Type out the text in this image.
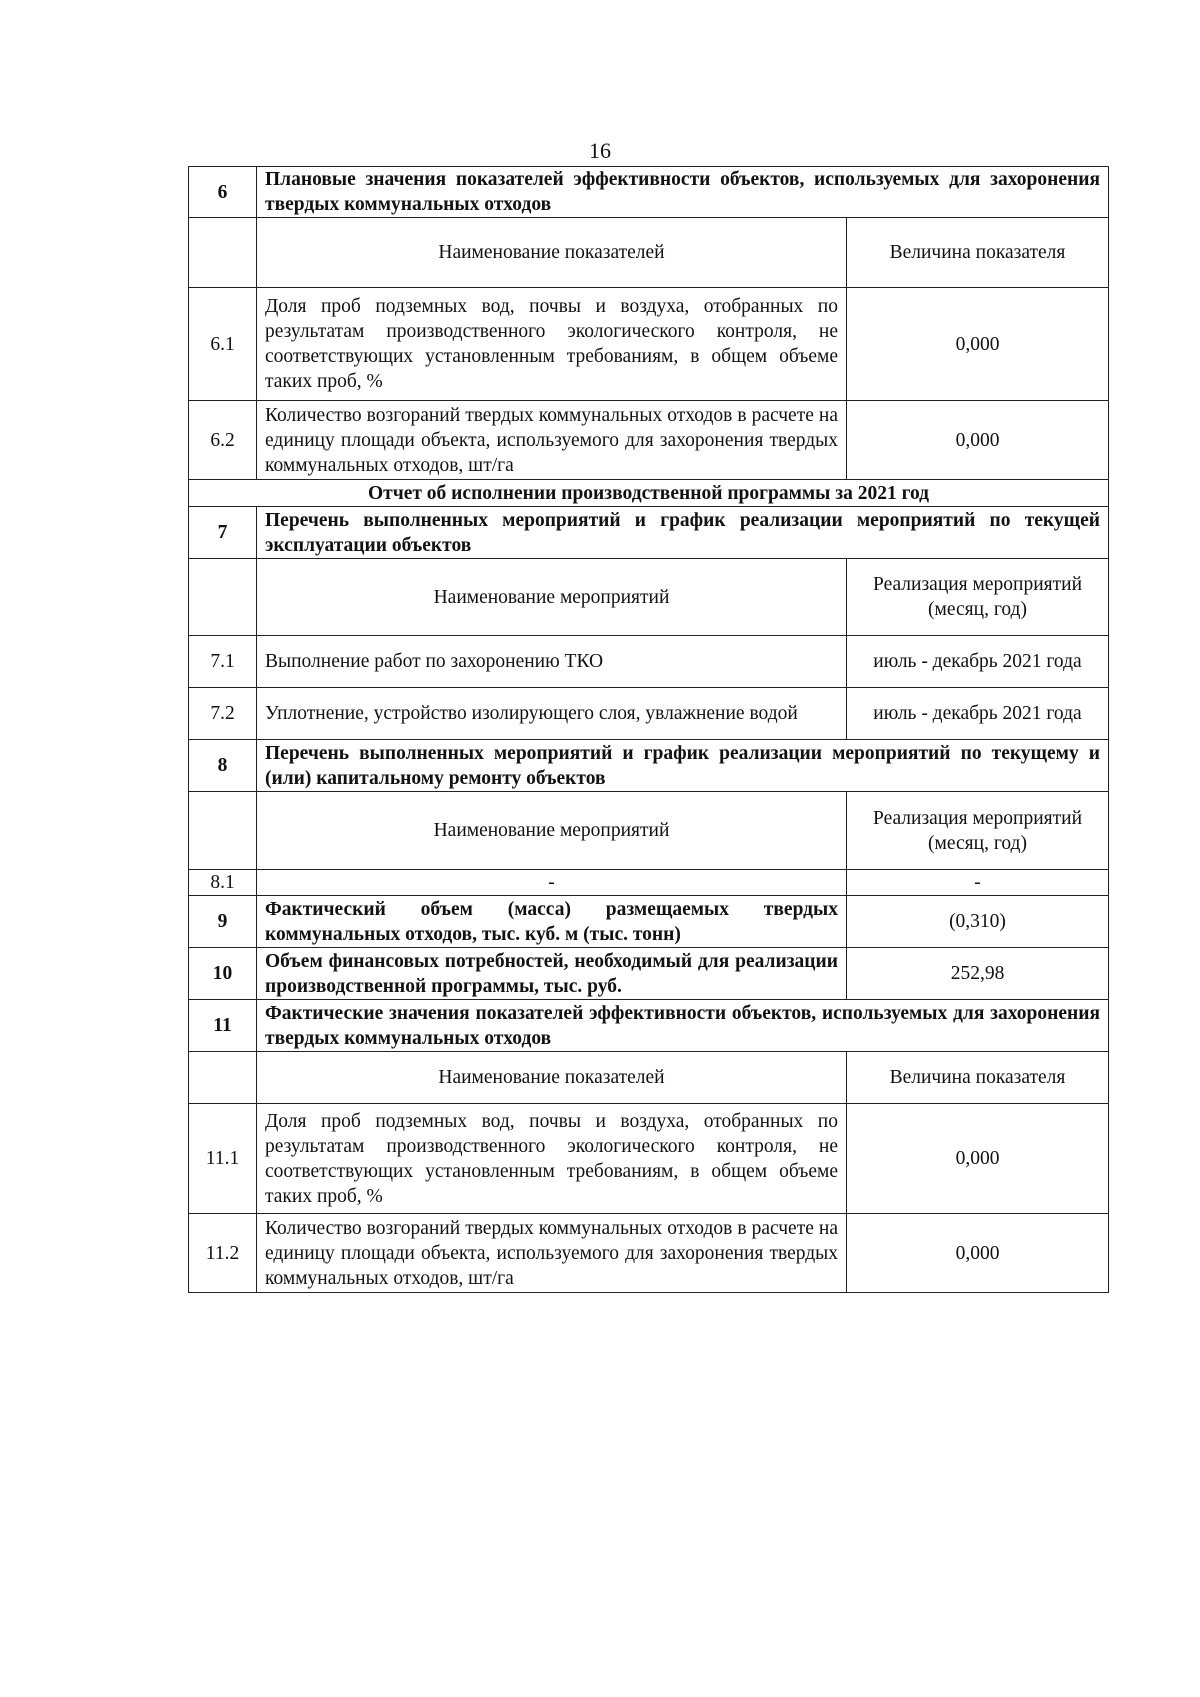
16
6	Плановые значения показателей эффективности объектов, используемых для захоронения твердых коммунальных отходов	
	Наименование показателей	Величина показателя
6.1	Доля проб подземных вод, почвы и воздуха, отобранных по результатам производственного экологического контроля, не соответствующих установленным требованиям, в общем объеме таких проб, %	0,000
6.2	Количество возгораний твердых коммунальных отходов в расчете на единицу площади объекта, используемого для захоронения твердых коммунальных отходов, шт/га	0,000
Отчет об исполнении производственной программы за 2021 год		
7	Перечень выполненных мероприятий и график реализации мероприятий по текущей эксплуатации объектов	
	Наименование мероприятий	Реализация мероприятий (месяц, год)
7.1	Выполнение работ по захоронению ТКО	июль - декабрь 2021 года
7.2	Уплотнение, устройство изолирующего слоя, увлажнение водой	июль - декабрь 2021 года
8	Перечень выполненных мероприятий и график реализации мероприятий по текущему и (или) капитальному ремонту объектов	
	Наименование мероприятий	Реализация мероприятий (месяц, год)
8.1	-	-
9	Фактический объем (масса) размещаемых твердых коммунальных отходов, тыс. куб. м (тыс. тонн)	(0,310)
10	Объем финансовых потребностей, необходимый для реализации производственной программы, тыс. руб.	252,98
11	Фактические значения показателей эффективности объектов, используемых для захоронения твердых коммунальных отходов	
	Наименование показателей	Величина показателя
11.1	Доля проб подземных вод, почвы и воздуха, отобранных по результатам производственного экологического контроля, не соответствующих установленным требованиям, в общем объеме таких проб, %	0,000
11.2	Количество возгораний твердых коммунальных отходов в расчете на единицу площади объекта, используемого для захоронения твердых коммунальных отходов, шт/га	0,000
